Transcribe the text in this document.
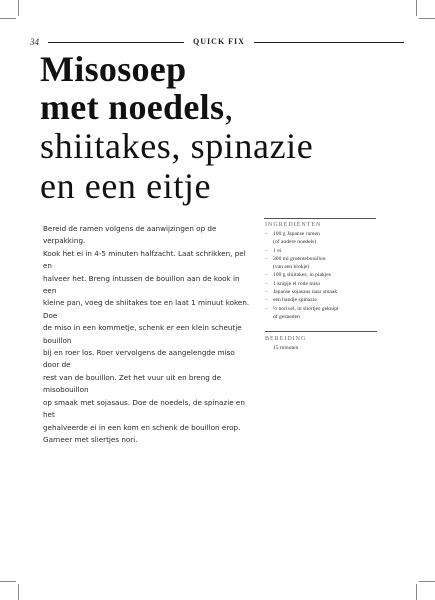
34	QUICK FIX
Misosoep
met noedels,
shiitakes, spinazie
en een eitje
Bereid de ramen volgens de aanwijzingen op de verpakking.
Kook het ei in 4-5 minuten halfzacht. Laat schrikken, pel en
halveer het. Breng intussen de bouillon aan de kook in een
kleine pan, voeg de shiitakes toe en laat 1 minuut koken. Doe
de miso in een kommetje, schenk er een klein scheutje bouillon
bij en roer los. Roer vervolgens de aangelengde miso door de
rest van de bouillon. Zet het vuur uit en breng de misobouillon
op smaak met sojasaus. Doe de noedels, de spinazie en het
gehalveerde ei in een kom en schenk de bouillon erop.
Garneer met sliertjes nori.
INGREDIËNTEN
– 100 g Japanse ramen
(of andere noedels)
– 1 ei
– 300 ml groentebouillon
(van een blokje)
– 100 g shiitakes, in plakjes
– 1 knipje el rode miso
– Japanse sojasaus naar smaak
– een handje spinazie
– ½ norivel, in sliertjes geknipt
of gesneden
BEREIDING
15 minuten
